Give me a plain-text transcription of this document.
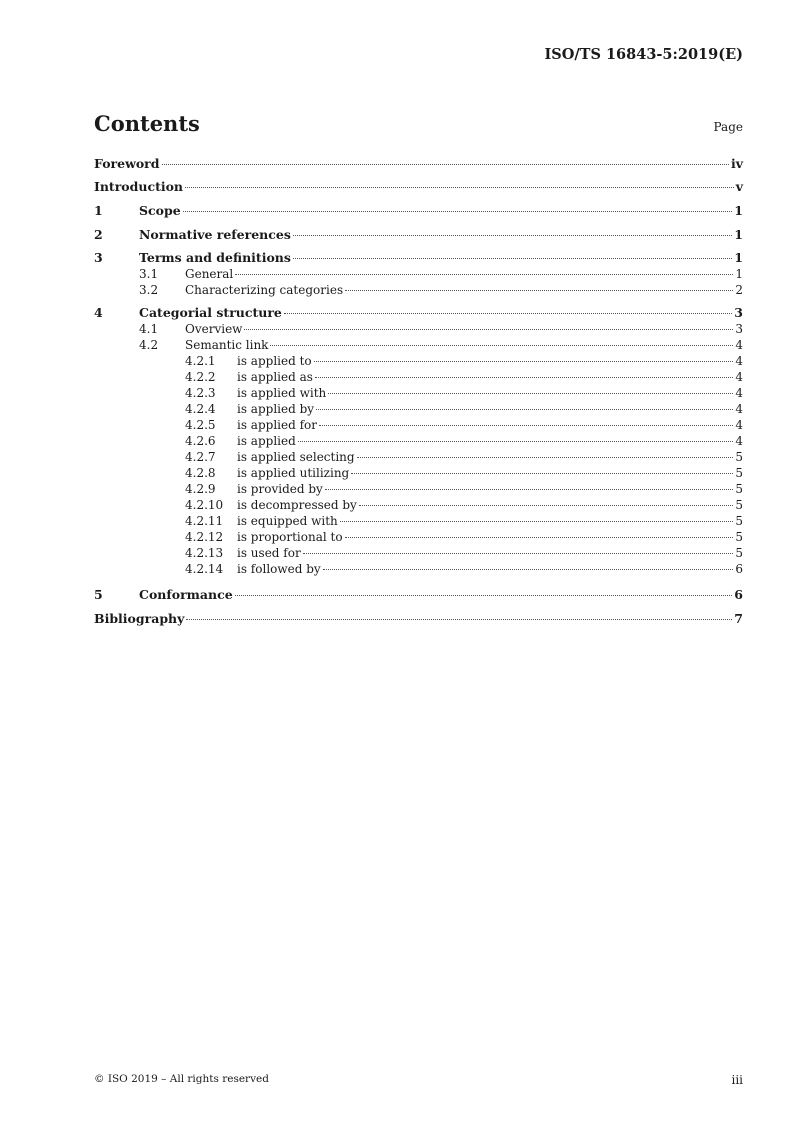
ISO/TS 16843-5:2019(E)
Contents	Page
Foreword	iv
Introduction	v
1	Scope	1
2	Normative references	1
3	Terms and definitions	1
3.1	General	1
3.2	Characterizing categories	2
4	Categorial structure	3
4.1	Overview	3
4.2	Semantic link	4
4.2.1	is applied to	4
4.2.2	is applied as	4
4.2.3	is applied with	4
4.2.4	is applied by	4
4.2.5	is applied for	4
4.2.6	is applied	4
4.2.7	is applied selecting	5
4.2.8	is applied utilizing	5
4.2.9	is provided by	5
4.2.10	is decompressed by	5
4.2.11	is equipped with	5
4.2.12	is proportional to	5
4.2.13	is used for	5
4.2.14	is followed by	6
5	Conformance	6
Bibliography	7
© ISO 2019 – All rights reserved	iii
